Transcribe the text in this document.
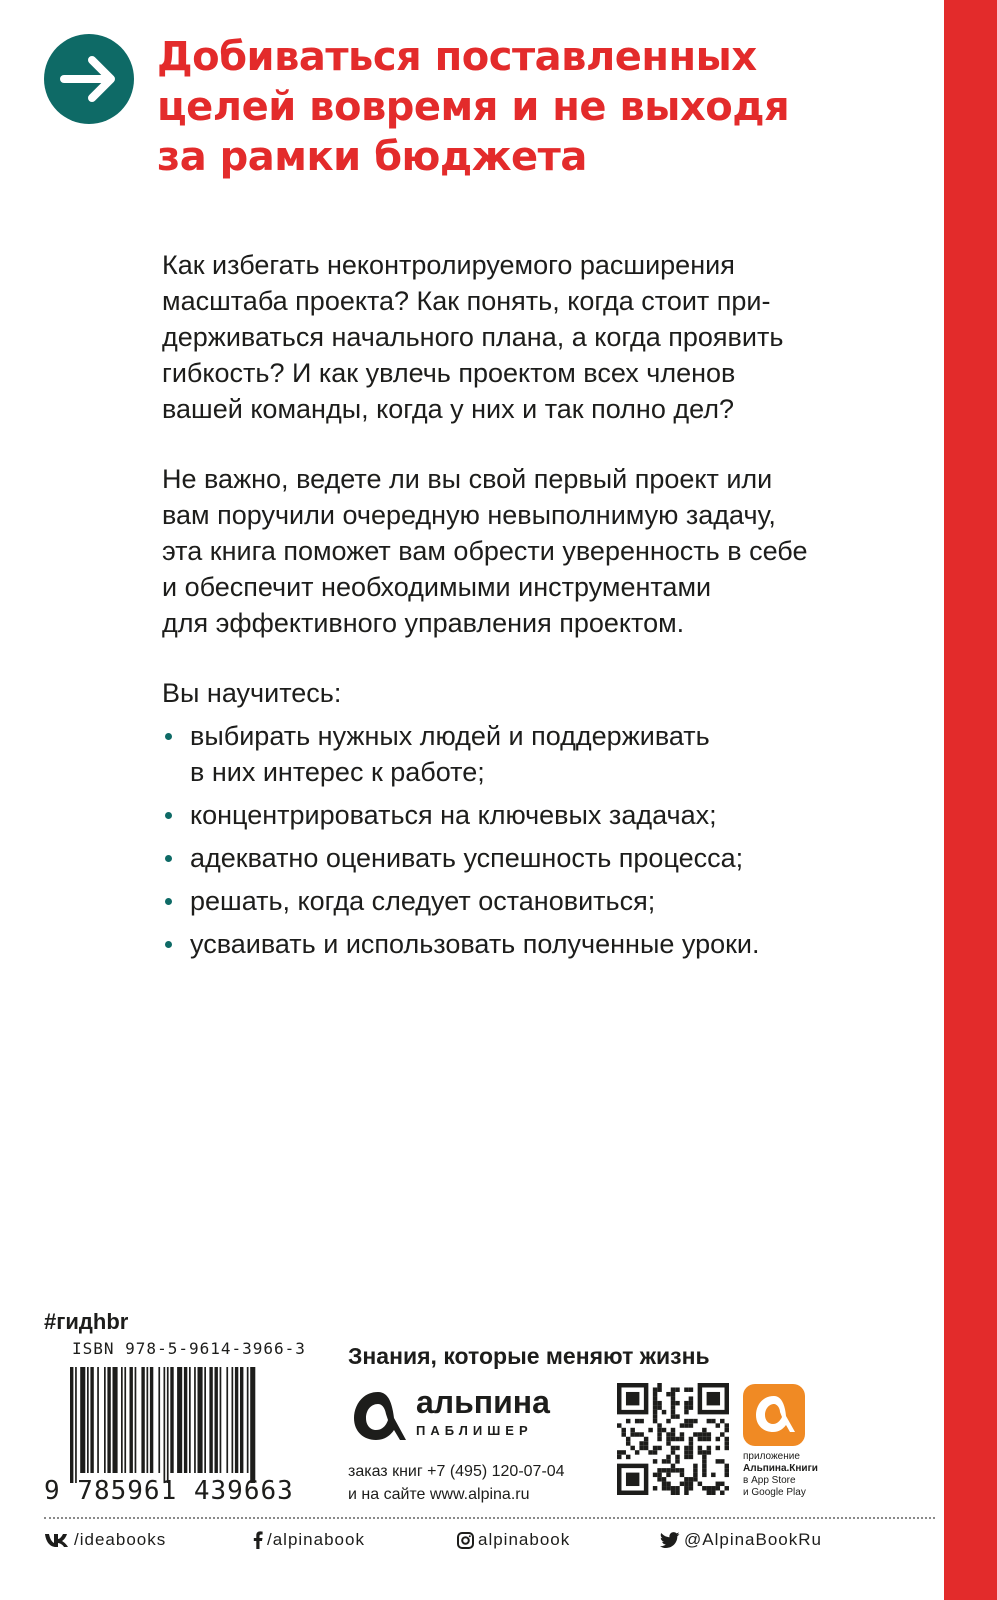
Добиваться поставленных
целей вовремя и не выходя
за рамки бюджета

Как избегать неконтролируемого расширения
масштаба проекта? Как понять, когда стоит при-
держиваться начального плана, а когда проявить
гибкость? И как увлечь проектом всех членов
вашей команды, когда у них и так полно дел?

Не важно, ведете ли вы свой первый проект или
вам поручили очередную невыполнимую задачу,
эта книга поможет вам обрести уверенность в себе
и обеспечит необходимыми инструментами
для эффективного управления проектом.

Вы научитесь:

выбирать нужных людей и поддерживать
в них интерес к работе;
концентрироваться на ключевых задачах;
адекватно оценивать успешность процесса;
решать, когда следует остановиться;
усваивать и использовать полученные уроки.
#гидhbr
ISBN 978-5-9614-3966-3
9 785961 439663
Знания, которые меняют жизнь
альпина
ПАБЛИШЕР
заказ книг +7 (495) 120-07-04
и на сайте www.alpina.ru
приложение
Альпина.Книги
в App Store
и Google Play
/ideabooks	/alpinabook	alpinabook	@AlpinaBookRu
